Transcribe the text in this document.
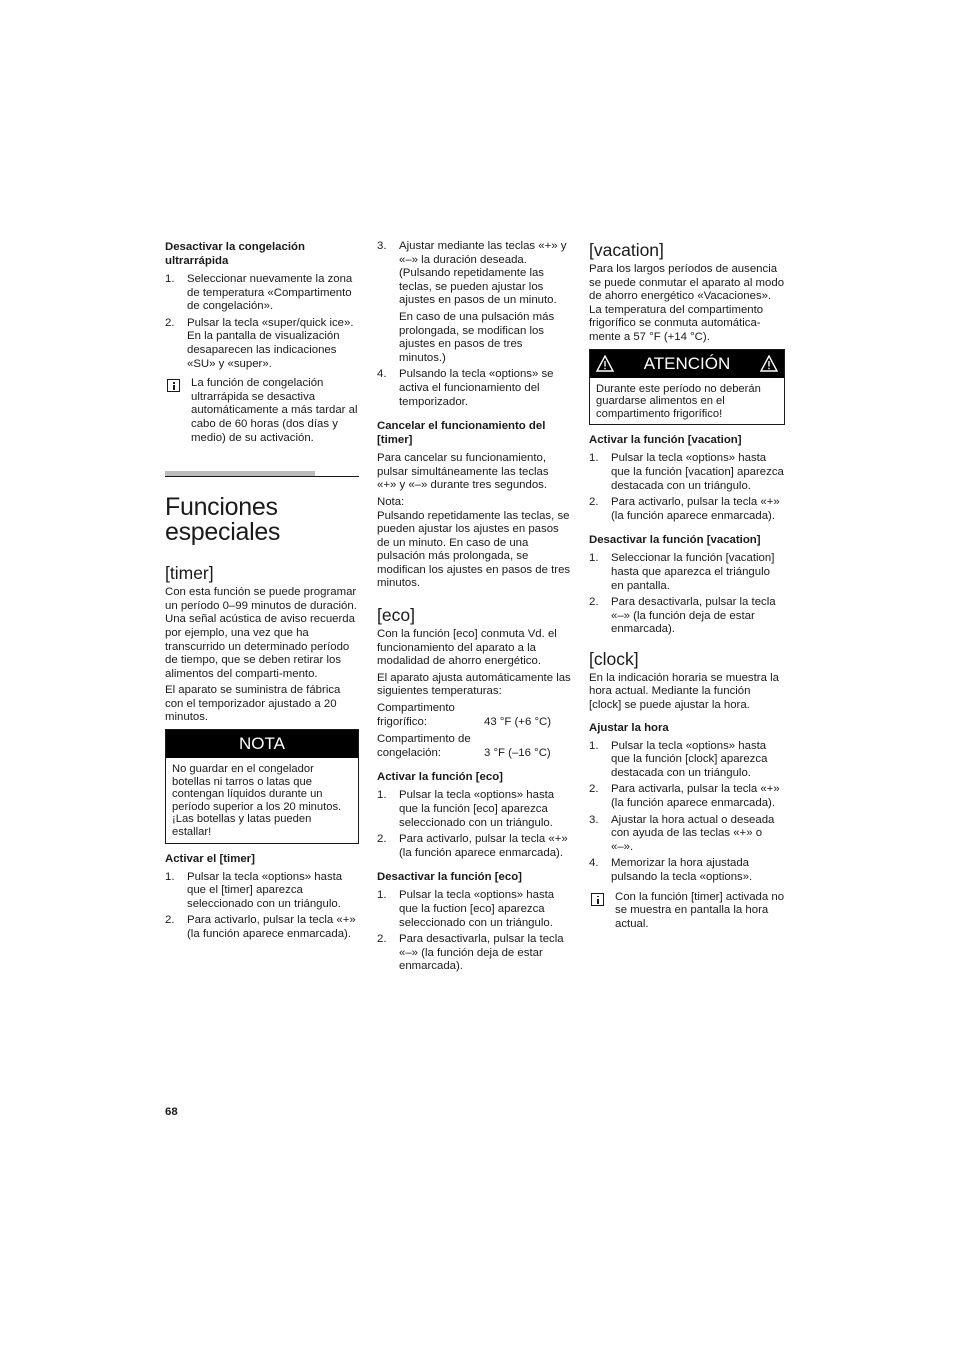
Desactivar la congelación ultrarrápida
1. Seleccionar nuevamente la zona de temperatura «Compartimento de congelación».
2. Pulsar la tecla «super/quick ice». En la pantalla de visualización desaparecen las indicaciones «SU» y «super».
La función de congelación ultrarrápida se desactiva automáticamente a más tardar al cabo de 60 horas (dos días y medio) de su activación.
Funciones especiales
[timer]

Con esta función se puede programar un período 0–99 minutos de duración. Una señal acústica de aviso recuerda por ejemplo, una vez que ha transcurrido un determinado período de tiempo, que se deben retirar los alimentos del comparti-mento.

El aparato se suministra de fábrica con el temporizador ajustado a 20 minutos.

NOTA
No guardar en el congelador botellas ni tarros o latas que contengan líquidos durante un período superior a los 20 minutos. ¡Las botellas y latas pueden estallar!
Activar el [timer]
1. Pulsar la tecla «options» hasta que el [timer] aparezca seleccionado con un triángulo.
2. Para activarlo, pulsar la tecla «+» (la función aparece enmarcada).
3. Ajustar mediante las teclas «+» y «–» la duración deseada. (Pulsando repetidamente las teclas, se pueden ajustar los ajustes en pasos de un minuto.
En caso de una pulsación más prolongada, se modifican los ajustes en pasos de tres minutos.)
4. Pulsando la tecla «options» se activa el funcionamiento del temporizador.
Cancelar el funcionamiento del [timer]

Para cancelar su funcionamiento, pulsar simultáneamente las teclas «+» y «–» durante tres segundos.

Nota:

Pulsando repetidamente las teclas, se pueden ajustar los ajustes en pasos de un minuto. En caso de una pulsación más prolongada, se modifican los ajustes en pasos de tres minutos.

[eco]

Con la función [eco] conmuta Vd. el funcionamiento del aparato a la modalidad de ahorro energético.

El aparato ajusta automáticamente las siguientes temperaturas:

Compartimento frigorífico:	43 °F (+6 °C)
Compartimento de congelación:	3 °F (–16 °C)
Activar la función [eco]
1. Pulsar la tecla «options» hasta que la función [eco] aparezca seleccionado con un triángulo.
2. Para activarlo, pulsar la tecla «+» (la función aparece enmarcada).
Desactivar la función [eco]
1. Pulsar la tecla «options» hasta que la fuction [eco] aparezca seleccionado con un triángulo.
2. Para desactivarla, pulsar la tecla «–» (la función deja de estar enmarcada).
[vacation]

Para los largos períodos de ausencia se puede conmutar el aparato al modo de ahorro energético «Vacaciones».

La temperatura del compartimento frigorífico se conmuta automática-mente a 57 °F (+14 °C).

ATENCIÓN
Durante este período no deberán guardarse alimentos en el compartimento frigorífico!
Activar la función [vacation]
1. Pulsar la tecla «options» hasta que la función [vacation] aparezca destacada con un triángulo.
2. Para activarlo, pulsar la tecla «+» (la función aparece enmarcada).
Desactivar la función [vacation]
1. Seleccionar la función [vacation] hasta que aparezca el triángulo en pantalla.
2. Para desactivarla, pulsar la tecla «–» (la función deja de estar enmarcada).
[clock]

En la indicación horaria se muestra la hora actual. Mediante la función [clock] se puede ajustar la hora.

Ajustar la hora
1. Pulsar la tecla «options» hasta que la función [clock] aparezca destacada con un triángulo.
2. Para activarla, pulsar la tecla «+» (la función aparece enmarcada).
3. Ajustar la hora actual o deseada con ayuda de las teclas «+» o «–».
4. Memorizar la hora ajustada pulsando la tecla «options».
Con la función [timer] activada no se muestra en pantalla la hora actual.
68
